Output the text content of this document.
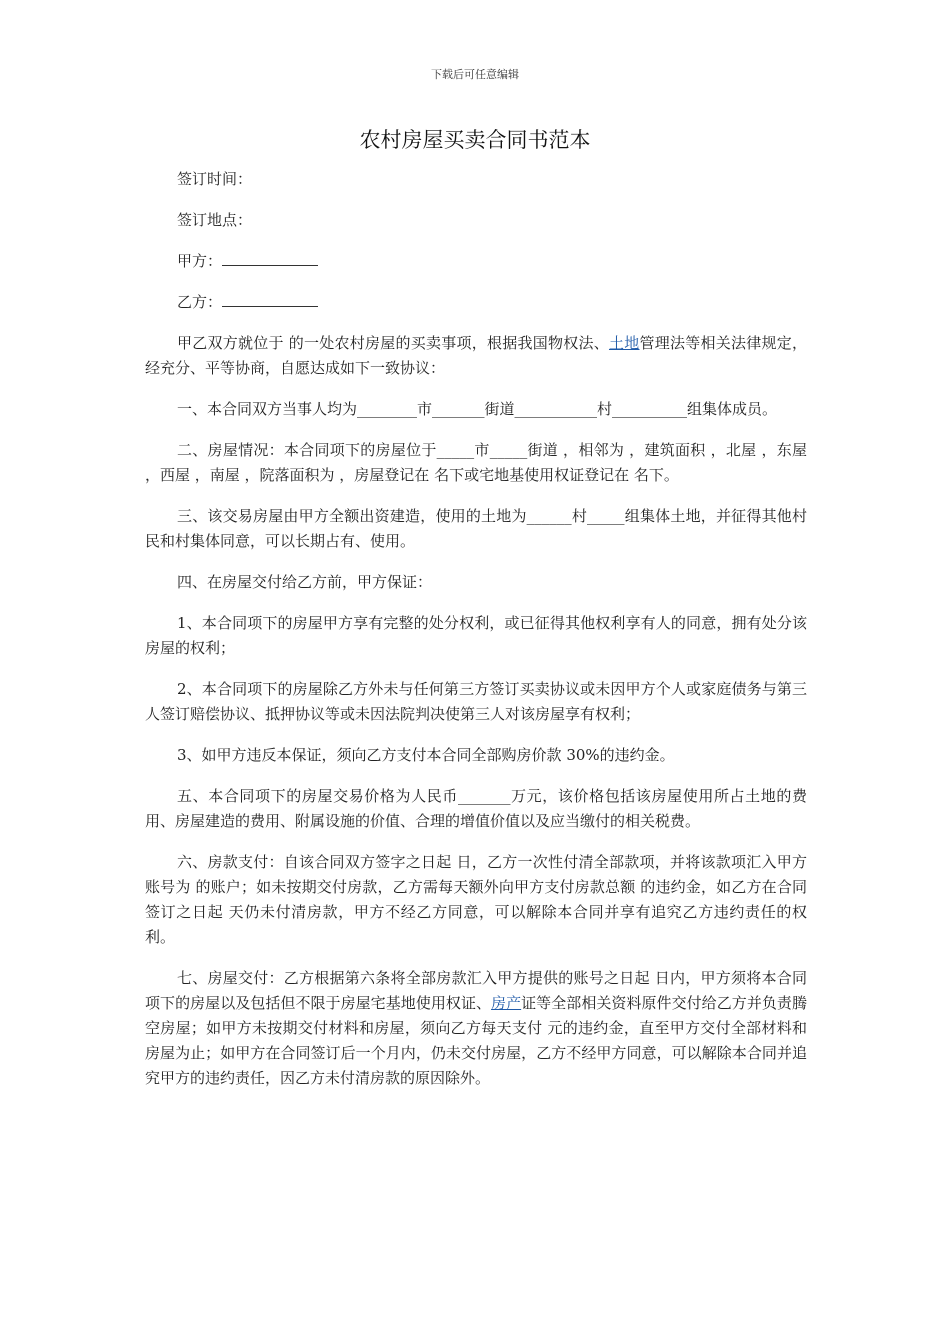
下载后可任意编辑
农村房屋买卖合同书范本
签订时间：
签订地点：
甲方：
乙方：

甲乙双方就位于 的一处农村房屋的买卖事项，根据我国物权法、土地管理法等相关法律规定，经充分、平等协商，自愿达成如下一致协议：

一、本合同双方当事人均为________市_______街道___________村__________组集体成员。

二、房屋情况：本合同项下的房屋位于_____市_____街道 ，相邻为 ，建筑面积 ，北屋 ，东屋 ，西屋 ，南屋 ，院落面积为 ，房屋登记在 名下或宅地基使用权证登记在 名下。

三、该交易房屋由甲方全额出资建造，使用的土地为______村_____组集体土地，并征得其他村民和村集体同意，可以长期占有、使用。

四、在房屋交付给乙方前，甲方保证：

1、本合同项下的房屋甲方享有完整的处分权利，或已征得其他权利享有人的同意，拥有处分该房屋的权利；

2、本合同项下的房屋除乙方外未与任何第三方签订买卖协议或未因甲方个人或家庭债务与第三人签订赔偿协议、抵押协议等或未因法院判决使第三人对该房屋享有权利；

3、如甲方违反本保证，须向乙方支付本合同全部购房价款 30%的违约金。

五、本合同项下的房屋交易价格为人民币_______万元，该价格包括该房屋使用所占土地的费用、房屋建造的费用、附属设施的价值、合理的增值价值以及应当缴付的相关税费。

六、房款支付：自该合同双方签字之日起 日，乙方一次性付清全部款项，并将该款项汇入甲方账号为 的账户；如未按期交付房款，乙方需每天额外向甲方支付房款总额 的违约金，如乙方在合同签订之日起 天仍未付清房款，甲方不经乙方同意，可以解除本合同并享有追究乙方违约责任的权利。

七、房屋交付：乙方根据第六条将全部房款汇入甲方提供的账号之日起 日内，甲方须将本合同项下的房屋以及包括但不限于房屋宅基地使用权证、房产证等全部相关资料原件交付给乙方并负责腾空房屋；如甲方未按期交付材料和房屋，须向乙方每天支付 元的违约金，直至甲方交付全部材料和房屋为止；如甲方在合同签订后一个月内，仍未交付房屋，乙方不经甲方同意，可以解除本合同并追究甲方的违约责任，因乙方未付清房款的原因除外。
